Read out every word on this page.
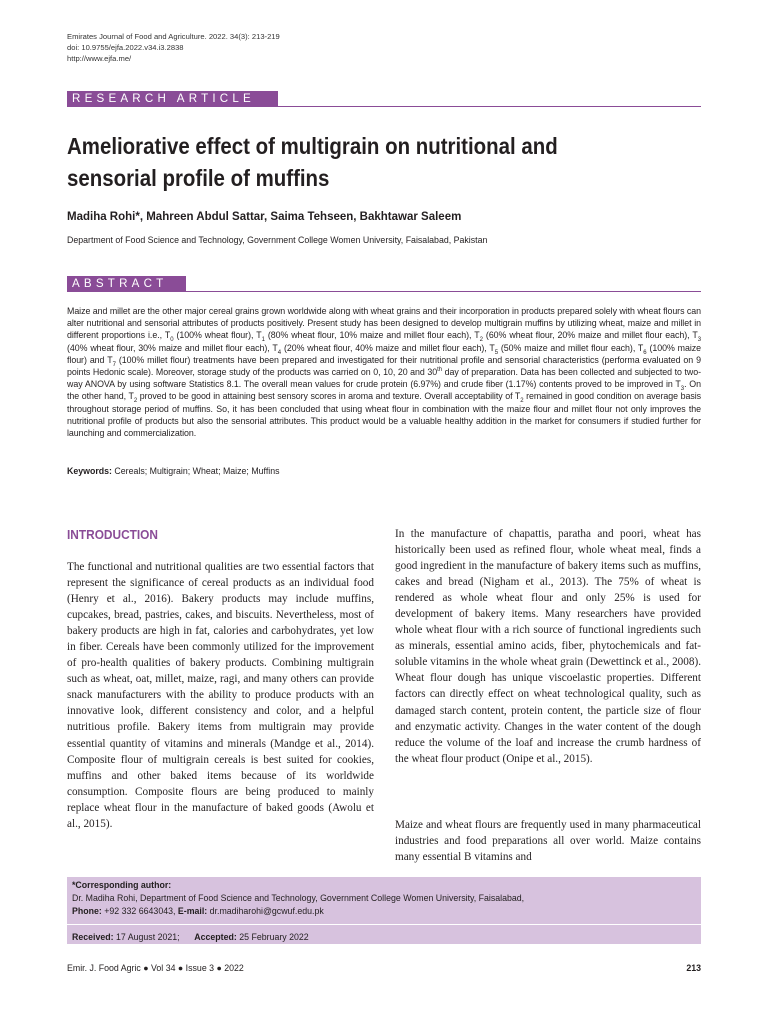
Emirates Journal of Food and Agriculture. 2022. 34(3): 213-219
doi: 10.9755/ejfa.2022.v34.i3.2838
http://www.ejfa.me/
RESEARCH ARTICLE
Ameliorative effect of multigrain on nutritional and sensorial profile of muffins
Madiha Rohi*, Mahreen Abdul Sattar, Saima Tehseen, Bakhtawar Saleem
Department of Food Science and Technology, Government College Women University, Faisalabad, Pakistan
ABSTRACT

Maize and millet are the other major cereal grains grown worldwide along with wheat grains and their incorporation in products prepared solely with wheat flours can alter nutritional and sensorial attributes of products positively. Present study has been designed to develop multigrain muffins by utilizing wheat, maize and millet in different proportions i.e., $T_0$ (100% wheat flour), $T_1$ (80% wheat flour, 10% maize and millet flour each), $T_2$ (60% wheat flour, 20% maize and millet flour each), $T_3$ (40% wheat flour, 30% maize and millet flour each), $T_4$ (20% wheat flour, 40% maize and millet flour each), $T_5$ (50% maize and millet flour each), $T_6$ (100% maize flour) and $T_7$ (100% millet flour) treatments have been prepared and investigated for their nutritional profile and sensorial characteristics (performa evaluated on 9 points Hedonic scale). Moreover, storage study of the products was carried on 0, 10, 20 and 30th day of preparation. Data has been collected and subjected to two-way ANOVA by using software Statistics 8.1. The overall mean values for crude protein (6.97%) and crude fiber (1.17%) contents proved to be improved in $T_3$. On the other hand, $T_2$ proved to be good in attaining best sensory scores in aroma and texture. Overall acceptability of $T_2$ remained in good condition on average basis throughout storage period of muffins. So, it has been concluded that using wheat flour in combination with the maize flour and millet flour not only improves the nutritional profile of products but also the sensorial attributes. This product would be a valuable healthy addition in the market for consumers if studied further for launching and commercialization.

Keywords: Cereals; Multigrain; Wheat; Maize; Muffins
INTRODUCTION

The functional and nutritional qualities are two essential factors that represent the significance of cereal products as an individual food (Henry et al., 2016). Bakery products may include muffins, cupcakes, bread, pastries, cakes, and biscuits. Nevertheless, most of bakery products are high in fat, calories and carbohydrates, yet low in fiber. Cereals have been commonly utilized for the improvement of pro-health qualities of bakery products. Combining multigrain such as wheat, oat, millet, maize, ragi, and many others can provide snack manufacturers with the ability to produce products with an innovative look, different consistency and color, and a helpful nutritious profile. Bakery items from multigrain may provide essential quantity of vitamins and minerals (Mandge et al., 2014). Composite flour of multigrain cereals is best suited for cookies, muffins and other baked items because of its worldwide consumption. Composite flours are being produced to mainly replace wheat flour in the manufacture of baked goods (Awolu et al., 2015).

In the manufacture of chapattis, paratha and poori, wheat has historically been used as refined flour, whole wheat meal, finds a good ingredient in the manufacture of bakery items such as muffins, cakes and bread (Nigham et al., 2013). The 75% of wheat is rendered as whole wheat flour and only 25% is used for development of bakery items. Many researchers have provided whole wheat flour with a rich source of functional ingredients such as minerals, essential amino acids, fiber, phytochemicals and fat-soluble vitamins in the whole wheat grain (Dewettinck et al., 2008). Wheat flour dough has unique viscoelastic properties. Different factors can directly effect on wheat technological quality, such as damaged starch content, protein content, the particle size of flour and enzymatic activity. Changes in the water content of the dough reduce the volume of the loaf and increase the crumb hardness of the wheat flour product (Onipe et al., 2015).

Maize and wheat flours are frequently used in many pharmaceutical industries and food preparations all over world. Maize contains many essential B vitamins and

*Corresponding author:
Dr. Madiha Rohi, Department of Food Science and Technology, Government College Women University, Faisalabad,
Phone: +92 332 6643043, E-mail: dr.madiharohi@gcwuf.edu.pk
Received: 17 August 2021; Accepted: 25 February 2022
Emir. J. Food Agric ● Vol 34 ● Issue 3 ● 2022	213
